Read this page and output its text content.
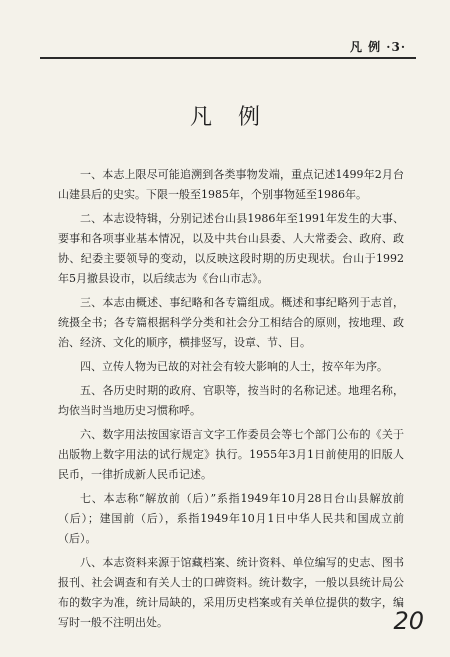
凡 例 ·3·
凡例

一、本志上限尽可能追溯到各类事物发端，重点记述1499年2月台山建县后的史实。下限一般至1985年，个别事物延至1986年。

二、本志设特辑，分别记述台山县1986年至1991年发生的大事、要事和各项事业基本情况，以及中共台山县委、人大常委会、政府、政协、纪委主要领导的变动，以反映这段时期的历史现状。台山于1992年5月撤县设市，以后续志为《台山市志》。

三、本志由概述、事纪略和各专篇组成。概述和事纪略列于志首，统摄全书；各专篇根据科学分类和社会分工相结合的原则，按地理、政治、经济、文化的顺序，横排竖写，设章、节、目。

四、立传人物为已故的对社会有较大影响的人士，按卒年为序。

五、各历史时期的政府、官职等，按当时的名称记述。地理名称，均依当时当地历史习惯称呼。

六、数字用法按国家语言文字工作委员会等七个部门公布的《关于出版物上数字用法的试行规定》执行。1955年3月1日前使用的旧版人民币，一律折成新人民币记述。

七、本志称“解放前（后）”系指1949年10月28日台山县解放前（后）；建国前（后），系指1949年10月1日中华人民共和国成立前（后）。

八、本志资料来源于馆藏档案、统计资料、单位编写的史志、图书报刊、社会调查和有关人士的口碑资料。统计数字，一般以县统计局公布的数字为准，统计局缺的，采用历史档案或有关单位提供的数字，编写时一般不注明出处。	20
